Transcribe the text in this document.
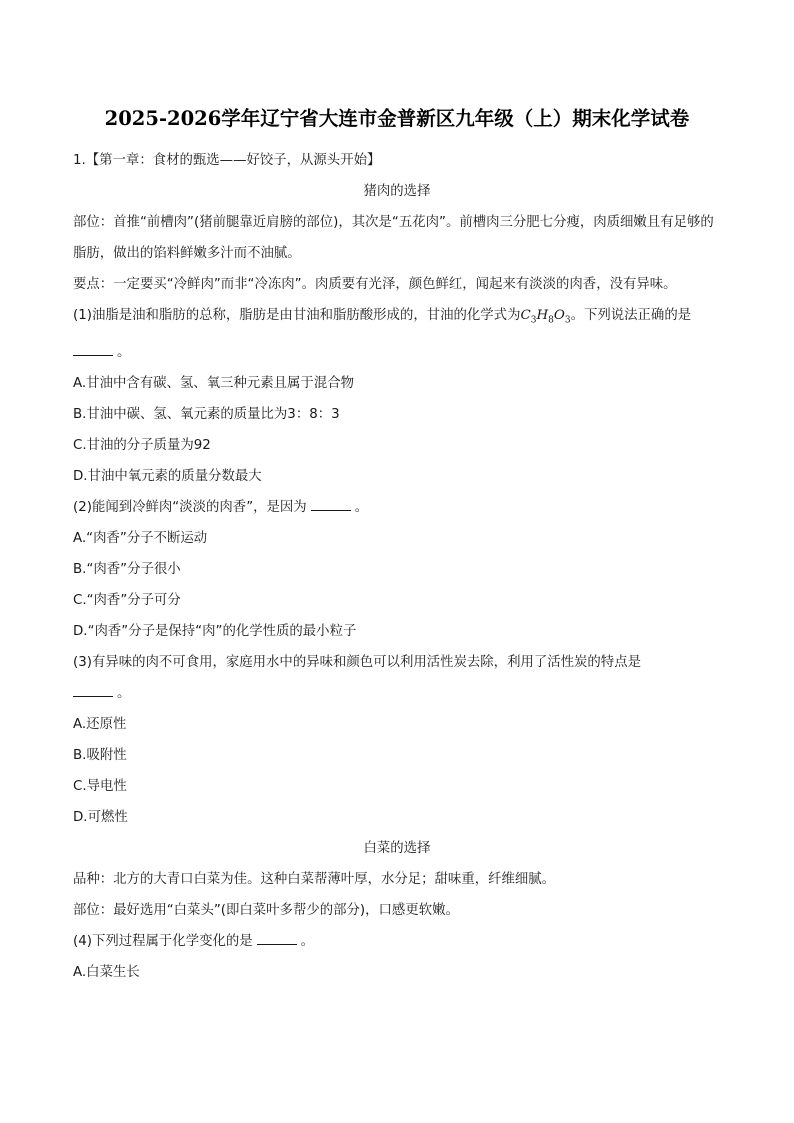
2025-2026学年辽宁省大连市金普新区九年级（上）期末化学试卷
1.【第一章：食材的甄选——好饺子，从源头开始】
猪肉的选择
部位：首推“前槽肉”(猪前腿靠近肩膀的部位)，其次是“五花肉”。前槽肉三分肥七分瘦，肉质细嫩且有足够的脂肪，做出的馅料鲜嫩多汁而不油腻。
要点：一定要买“冷鲜肉”而非“冷冻肉”。肉质要有光泽，颜色鲜红，闻起来有淡淡的肉香，没有异味。
(1)油脂是油和脂肪的总称，脂肪是由甘油和脂肪酸形成的，甘油的化学式为$C_3H_8O_3$。下列说法正确的是
。
A.甘油中含有碳、氢、氧三种元素且属于混合物
B.甘油中碳、氢、氧元素的质量比为3：8：3
C.甘油的分子质量为92
D.甘油中氧元素的质量分数最大
(2)能闻到冷鲜肉“淡淡的肉香”，是因为	。
A.“肉香”分子不断运动
B.“肉香”分子很小
C.“肉香”分子可分
D.“肉香”分子是保持“肉”的化学性质的最小粒子
(3)有异味的肉不可食用，家庭用水中的异味和颜色可以利用活性炭去除，利用了活性炭的特点是
。
A.还原性
B.吸附性
C.导电性
D.可燃性
白菜的选择
品种：北方的大青口白菜为佳。这种白菜帮薄叶厚，水分足；甜味重，纤维细腻。
部位：最好选用“白菜头”(即白菜叶多帮少的部分)，口感更软嫩。
(4)下列过程属于化学变化的是	。
A.白菜生长
